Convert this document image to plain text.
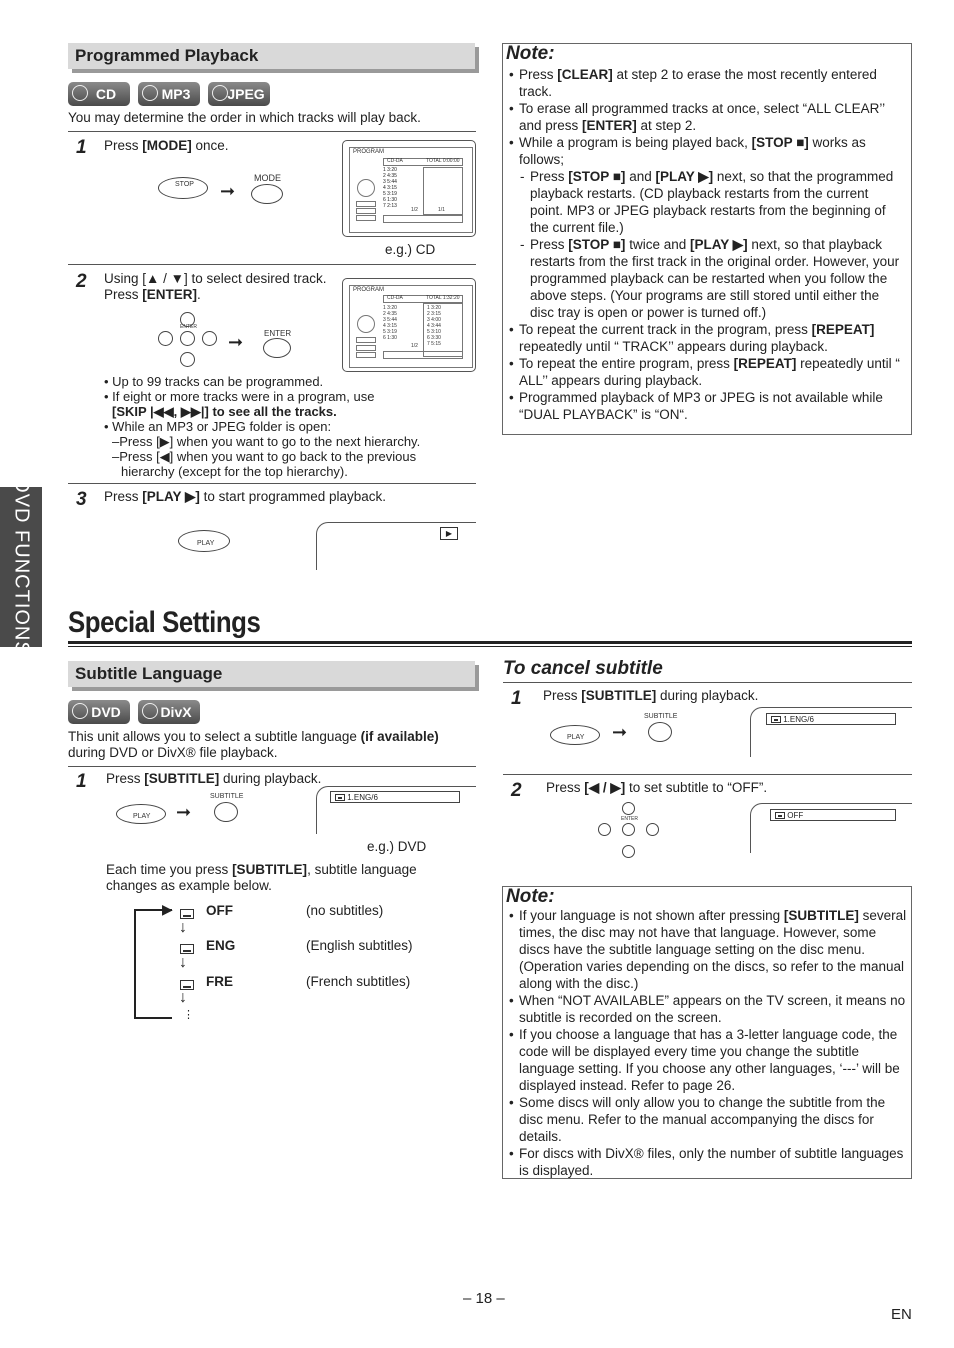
DVD FUNCTIONS
Programmed Playback
CD	MP3	JPEG
You may determine the order in which tracks will play back.
1 Press [MODE] once.
STOP ➞
MODE
PROGRAM
CD-DA	TOTAL 0:00:00
1 3:20
2 4:35
3 5:44
4 3:15
5 3:19
6 1:30
7 2:13
1/2	1/1
e.g.) CD
2 Using [▲ / ▼] to select desired track.
Press [ENTER].
ENTER
➞	ENTER
PROGRAM
CD-DA	TOTAL 1:32:20
1 3:20
2 4:35
3 5:44
4 3:15
5 3:19
6 1:30
1 3:20
2 3:15
3 4:00
4 3:44
5 3:10
6 3:30
7 5:15
1/2
• Up to 99 tracks can be programmed.
• If eight or more tracks were in a program, use
[SKIP |◀◀, ▶▶|] to see all the tracks.
• While an MP3 or JPEG folder is open:
–Press [▶] when you want to go to the next hierarchy.
–Press [◀] when you want to go back to the previous
hierarchy (except for the top hierarchy).
3 Press [PLAY ▶] to start programmed playback.
PLAY
▶
Note:
• Press [CLEAR] at step 2 to erase the most recently entered track.
• To erase all programmed tracks at once, select “ALL CLEAR’’ and press [ENTER] at step 2.
• While a program is being played back, [STOP ■] works as follows;
- Press [STOP ■] and [PLAY ▶] next, so that the programmed playback restarts. (CD playback restarts from the current point. MP3 or JPEG playback restarts from the beginning of the current file.)
- Press [STOP ■] twice and [PLAY ▶] next, so that playback restarts from the first track in the original order. However, your programmed playback can be restarted when you follow the above steps. (Your programs are still stored until either the disc tray is open or power is turned off.)
• To repeat the current track in the program, press [REPEAT] repeatedly until “ TRACK’’ appears during playback.
• To repeat the entire program, press [REPEAT] repeatedly until “ ALL’’ appears during playback.
• Programmed playback of MP3 or JPEG is not available while “DUAL PLAYBACK” is “ON“.
Special Settings
Subtitle Language
DVD	DivX
This unit allows you to select a subtitle language (if available)
during DVD or DivX® file playback.
1 Press [SUBTITLE] during playback.
PLAY ➞
SUBTITLE	1.ENG/6
e.g.) DVD
Each time you press [SUBTITLE], subtitle language changes as example below.
▶
↓
↓
↓
⋮
OFF	(no subtitles)
ENG	(English subtitles)
FRE	(French subtitles)
To cancel subtitle
1 Press [SUBTITLE] during playback.
PLAY ➞
SUBTITLE	1.ENG/6
2 Press [◀ / ▶] to set subtitle to “OFF”.
ENTER	OFF
Note:
• If your language is not shown after pressing [SUBTITLE] several times, the disc may not have that language. However, some discs have the subtitle language setting on the disc menu. (Operation varies depending on the discs, so refer to the manual along with the disc.)
• When “NOT AVAILABLE” appears on the TV screen, it means no subtitle is recorded on the screen.
• If you choose a language that has a 3-letter language code, the code will be displayed every time you change the subtitle language setting. If you choose any other languages, ‘---’ will be displayed instead. Refer to page 26.
• Some discs will only allow you to change the subtitle from the disc menu. Refer to the manual accompanying the discs for details.
• For discs with DivX® files, only the number of subtitle languages is displayed.
– 18 –
EN
